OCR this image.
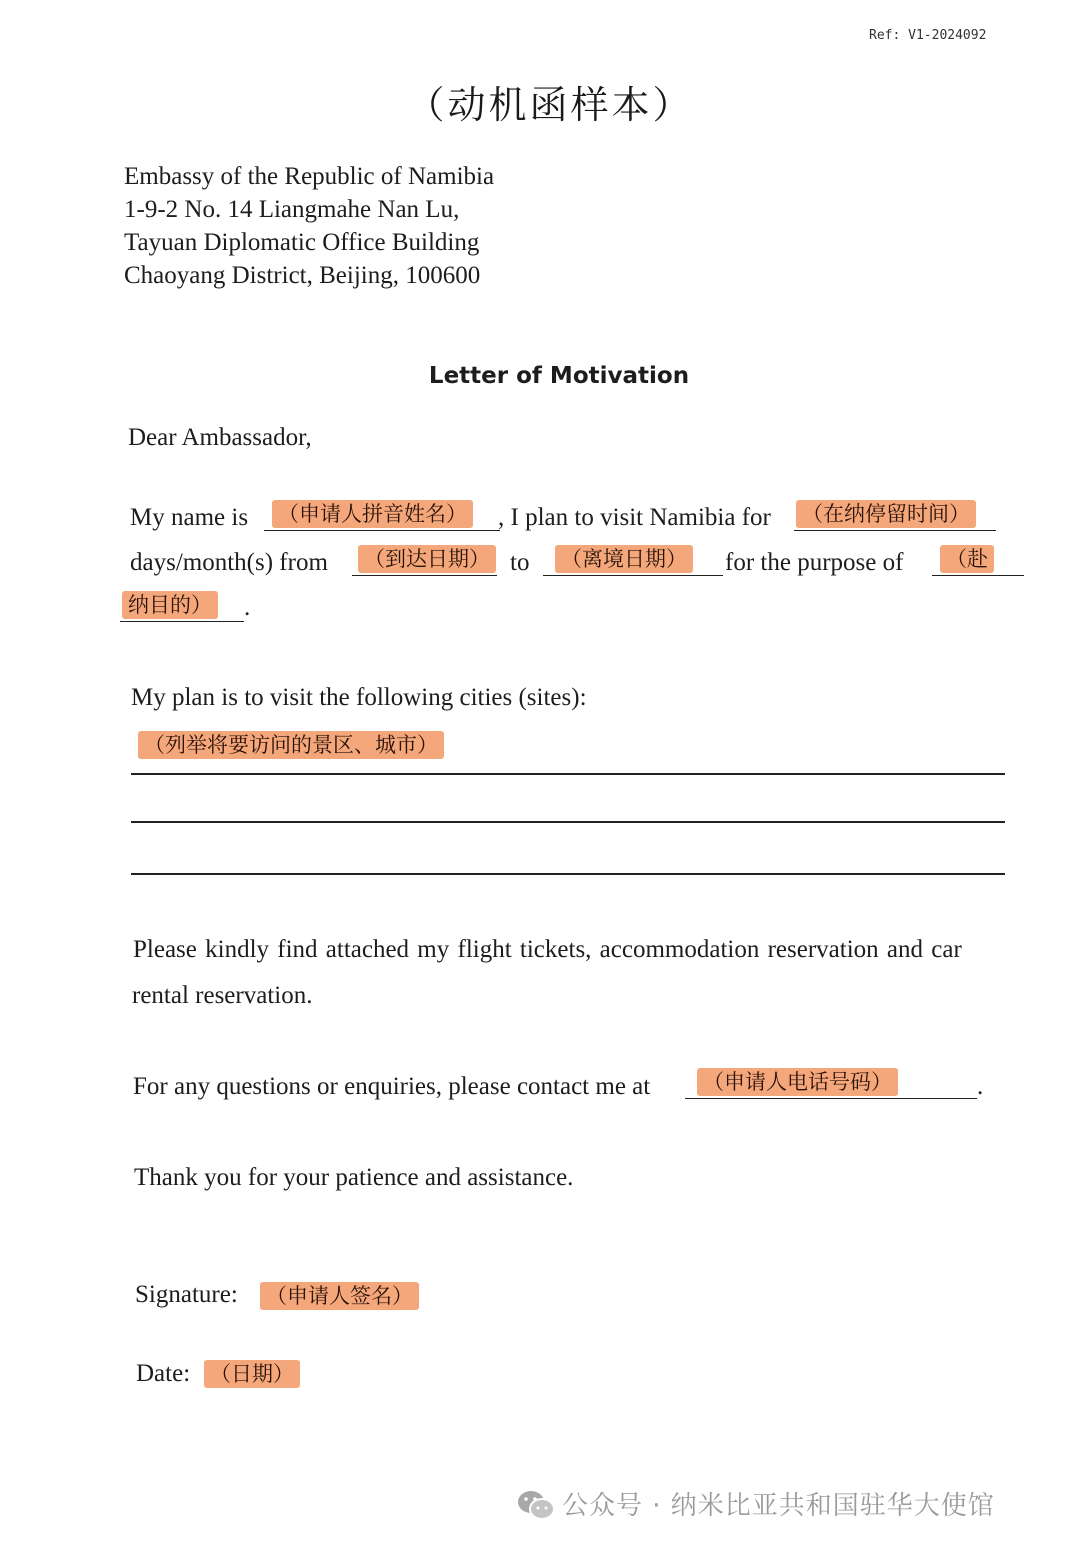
Ref: V1-2024092
（动机函样本）
Embassy of the Republic of Namibia
1-9-2 No. 14 Liangmahe Nan Lu,
Tayuan Diplomatic Office Building
Chaoyang District, Beijing, 100600
Letter of Motivation
Dear Ambassador,
My name is （申请人拼音姓名） , I plan to visit Namibia for （在纳停留时间）
days/month(s) from （到达日期） to （离境日期） for the purpose of （赴
纳目的） .
My plan is to visit the following cities (sites):
（列举将要访问的景区、城市）
Please kindly find attached my flight tickets, accommodation reservation and car
rental reservation.
For any questions or enquiries, please contact me at	（申请人电话号码）	.
Thank you for your patience and assistance.
Signature: （申请人签名）
Date: （日期）
公众号 · 纳米比亚共和国驻华大使馆
